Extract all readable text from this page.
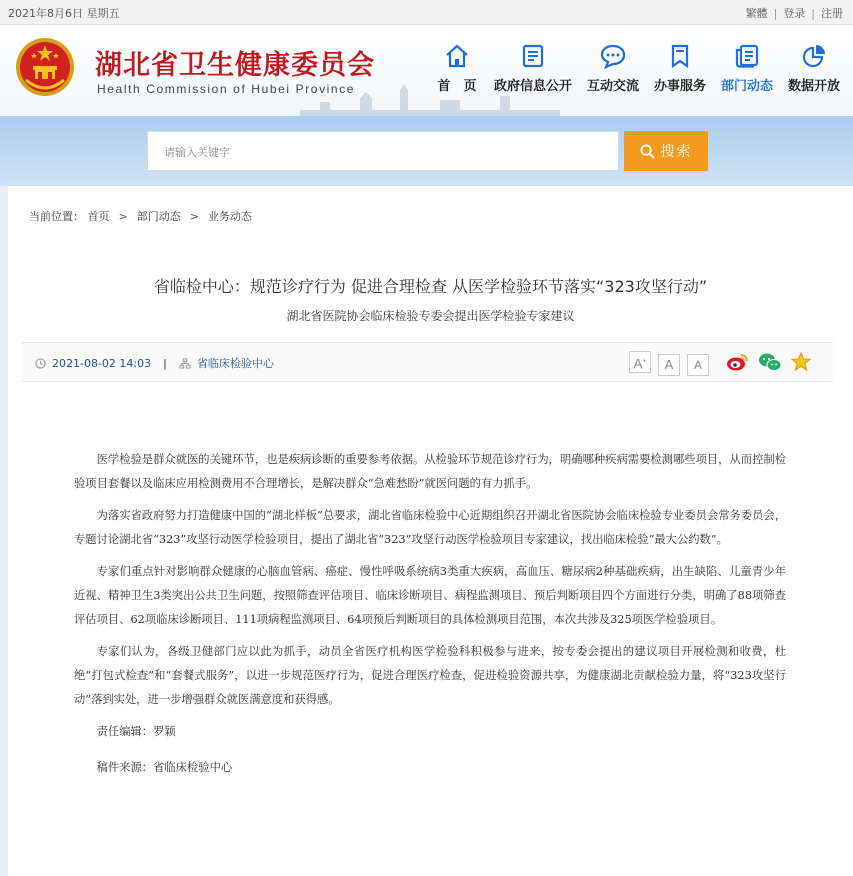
2021年8月6日 星期五	繁體 | 登录 | 注册
湖北省卫生健康委员会
Health Commission of Hubei Province	首　页	政府信息公开	互动交流	办事服务	部门动态	数据开放
请输入关键字
搜索
当前位置： 首页 > 部门动态 > 业务动态
省临检中心：规范诊疗行为 促进合理检查 从医学检验环节落实“323攻坚行动”
湖北省医院协会临床检验专委会提出医学检验专家建议
2021-08-02 14:03 |	省临床检验中心	A+ A A

医学检验是群众就医的关键环节，也是疾病诊断的重要参考依据。从检验环节规范诊疗行为，明确哪种疾病需要检测哪些项目，从而控制检验项目套餐以及临床应用检测费用不合理增长，是解决群众“急难愁盼”就医问题的有力抓手。

为落实省政府努力打造健康中国的“湖北样板”总要求，湖北省临床检验中心近期组织召开湖北省医院协会临床检验专业委员会常务委员会，专题讨论湖北省“323”攻坚行动医学检验项目，提出了湖北省“323”攻坚行动医学检验项目专家建议，找出临床检验“最大公约数”。

专家们重点针对影响群众健康的心脑血管病、癌症、慢性呼吸系统病3类重大疾病，高血压、糖尿病2种基础疾病，出生缺陷、儿童青少年近视、精神卫生3类突出公共卫生问题，按照筛查评估项目、临床诊断项目、病程监测项目、预后判断项目四个方面进行分类，明确了88项筛查评估项目、62项临床诊断项目、111项病程监测项目、64项预后判断项目的具体检测项目范围，本次共涉及325项医学检验项目。

专家们认为，各级卫健部门应以此为抓手，动员全省医疗机构医学检验科积极参与进来，按专委会提出的建议项目开展检测和收费，杜绝“打包式检查”和“套餐式服务”，以进一步规范医疗行为，促进合理医疗检查，促进检验资源共享，为健康湖北贡献检验力量，将“323攻坚行动”落到实处，进一步增强群众就医满意度和获得感。

责任编辑：罗颖

稿件来源：省临床检验中心
